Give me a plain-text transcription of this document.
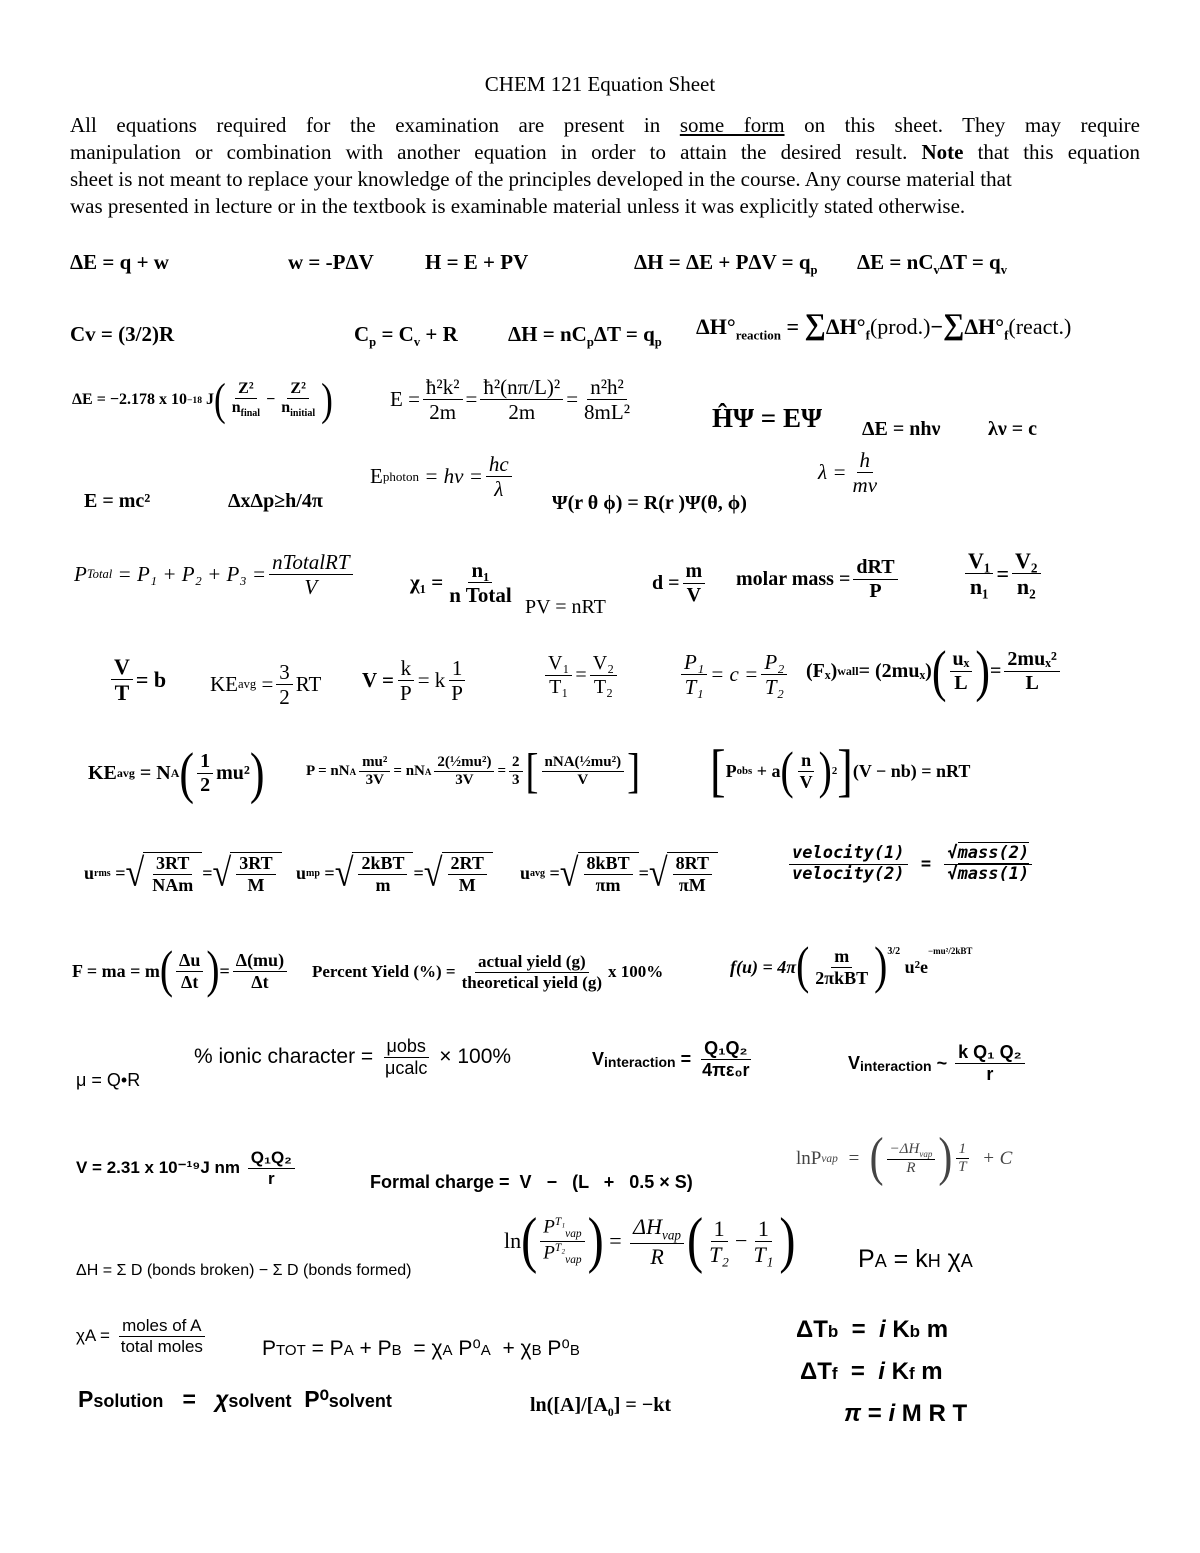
CHEM 121 Equation Sheet
All equations required for the examination are present in some form on this sheet. They may require
manipulation or combination with another equation in order to attain the desired result. Note that this equation
sheet is not meant to replace your knowledge of the principles developed in the course. Any course material that
was presented in lecture or in the textbook is examinable material unless it was explicitly stated otherwise.
ΔE = q + w	w = -PΔV H = E + PV	$\Delta H = \Delta E + P\Delta V = q_p$ $\Delta E = nC_v\Delta T = q_v$
Cv = (3/2)R	$C_p = C_v + R$ $\Delta H = nC_p\Delta T = q_p$
$\Delta H^\circ_{reaction}$ = $\sum\Delta H^\circ_f(prod.)-\sum\Delta H^\circ_f(react.)$
ΔE = −2.178 x 10 −18
J ( $\frac{\text{Z²}}{n_{final}} - \frac{\text{Z²}}{n_{initial}}$ )	$E = \frac{\text{ħ²k²}}{2m} = \frac{\text{ħ²(nπ/L)²}}{2m} = \frac{\text{n²h²}}{\text{8mL²}}$	ĤΨ = EΨ ΔE = nhν λν = c
E = mc²	ΔxΔp≥h/4π
E photon
= $h\nu = \frac{hc}{\lambda}$
Ψ(r θ ϕ) = R(r )Ψ(θ, ϕ)
$\lambda = \frac{h}{mv}$
P Total
= $P_1 + P_2 + P_3 = \frac{\text{nTotalRT}}{V}$	$\chi_1 = \frac{\text{n₁}}{\text{n Total}}$ PV = nRT
$d = \frac{m}{V}$ molar mass = $\frac{\text{dRT}}{P}$	$\frac{\text{V₁}}{\text{n₁}} = \frac{\text{V₂}}{\text{n₂}}$
$\frac{V}{T} = b$ KE avg = $\frac{3}{2}$ RT $V = \frac{k}{P} = k \frac{1}{P}$	$\frac{\text{V₁}}{\text{T₁}} = \frac{\text{V₂}}{\text{T₂}}$	$\frac{\text{P₁}}{\text{T₁}} = c = \frac{\text{P₂}}{\text{T₂}} (F_x)$ wall = (2muₓ) ( $\frac{\text{uₓ}}{L}$ ) = $\frac{\text{2muₓ²}}{L}$
KE avg
= N A ( $\frac{1}{2} mu^2$ )	P = nN A $\frac{\text{mu²}}{3V}$ = nN A $\frac{\text{2(½mu²)}}{3V} = \frac{2}{3}$ [ $\frac{\text{nNA(½mu²)}}{V}$ ] [ P obs
+ a ( $\frac{n}{V}$ ) 2 ] (V − nb) = nRT
u rms = √ $\frac{3RT}{\text{NAm}}$ = √ $\frac{3RT}{M}$ u mp = √ $\frac{\text{2kBT}}{m}$ = √ $\frac{2RT}{M}$ u avg = √ $\frac{\text{8kBT}}{\pi m}$ = √ $\frac{8RT}{\pi M}$	$\frac{\text{velocity(1)}}{\text{velocity(2)}} = \frac{\text{√mass(2)}}{\text{√mass(1)}}$
F = ma = m ( $\frac{\Delta u}{\Delta t}$ ) = $\frac{\Delta(mu)}{\Delta t}$ Percent Yield (%) = $\frac{\text{actual yield (g)}}{\text{theoretical yield (g)}}$ x 100%	f(u) = 4π ( $\frac{m}{\text{2πkBT}} )^{3/2}$

u²e
−mu²/2kBT
μ = Q•R
% ionic character =
$\frac{\text{μobs}}{\text{μcalc}}$
× 100%	V interaction = $\frac{\text{Q₁Q₂}}{\text{4πε₀r}}$	V interaction
~
$\frac{\text{k Q₁ Q₂}}{r}$
V = 2.31 x 10⁻¹⁹J nm
$\frac{\text{Q₁Q₂}}{r}$	Formal charge =  V   −   (L   +   0.5 × S)
lnP vap = ( $\frac{-\Delta H_{vap}}{R}$ ) $\frac{1}{T}$
+ C
ΔH = Σ D (bonds broken) − Σ D (bonds formed)
ln ( $\frac{P^{T_1}_{vap}}{P^{T_2}_{vap}}$ ) = $\frac{\Delta H_{vap}}{R}$ ( $\frac{1}{\text{T₂}} - \frac{1}{\text{T₁}}$ )	PA = kH χA
χA =
$\frac{\text{moles of A}}{\text{total moles}}$	PTOT = PA + PB  = χA P⁰A  + χB P⁰B
ΔTb  =  i Kb m
ΔTf  =  i Kf m
π = i M R T
Psolution   =   χsolvent  P⁰solvent	$\ln([A]/[A_0] = -kt$
